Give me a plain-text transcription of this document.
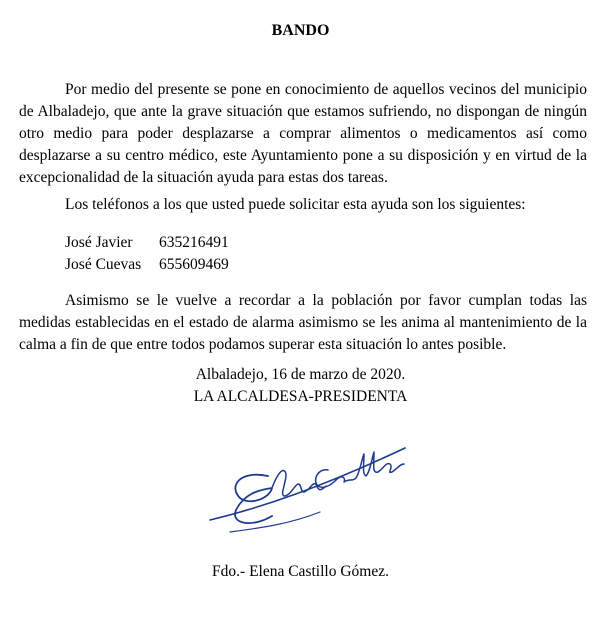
BANDO

Por medio del presente se pone en conocimiento de aquellos vecinos del municipio de Albaladejo, que ante la grave situación que estamos sufriendo, no dispongan de ningún otro medio para poder desplazarse a comprar alimentos o medicamentos así como desplazarse a su centro médico, este Ayuntamiento pone a su disposición y en virtud de la excepcionalidad de la situación ayuda para estas dos tareas.

Los teléfonos a los que usted puede solicitar esta ayuda son los siguientes:

José Javier	635216491
José Cuevas	655609469

Asimismo se le vuelve a recordar a la población por favor cumplan todas las medidas establecidas en el estado de alarma asimismo se les anima al mantenimiento de la calma a fin de que entre todos podamos superar esta situación lo antes posible.

Albaladejo, 16 de marzo de 2020.
LA ALCALDESA-PRESIDENTA
Fdo.- Elena Castillo Gómez.
